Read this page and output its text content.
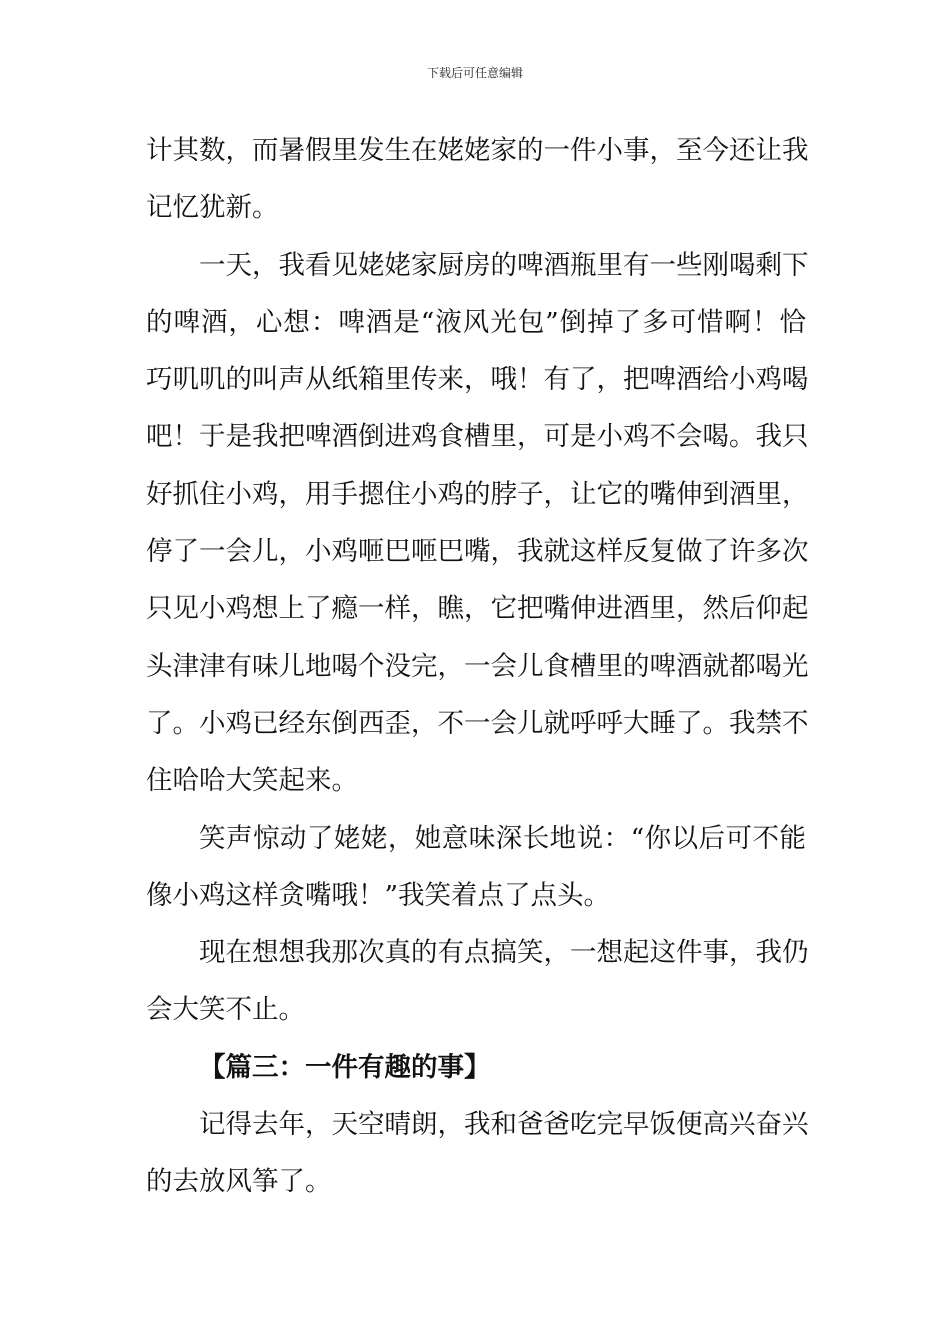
下载后可任意编辑
计其数，而暑假里发生在姥姥家的一件小事，至今还让我
记忆犹新。
一天，我看见姥姥家厨房的啤酒瓶里有一些刚喝剩下
的啤酒，心想：啤酒是“液风光包”倒掉了多可惜啊！恰
巧叽叽的叫声从纸箱里传来，哦！有了，把啤酒给小鸡喝
吧！于是我把啤酒倒进鸡食槽里，可是小鸡不会喝。我只
好抓住小鸡，用手摁住小鸡的脖子，让它的嘴伸到酒里，
停了一会儿，小鸡咂巴咂巴嘴，我就这样反复做了许多次
只见小鸡想上了瘾一样，瞧，它把嘴伸进酒里，然后仰起
头津津有味儿地喝个没完，一会儿食槽里的啤酒就都喝光
了。小鸡已经东倒西歪，不一会儿就呼呼大睡了。我禁不
住哈哈大笑起来。
笑声惊动了姥姥，她意味深长地说：“你以后可不能
像小鸡这样贪嘴哦！”我笑着点了点头。
现在想想我那次真的有点搞笑，一想起这件事，我仍
会大笑不止。
【篇三：一件有趣的事】
记得去年，天空晴朗，我和爸爸吃完早饭便高兴奋兴
的去放风筝了。
